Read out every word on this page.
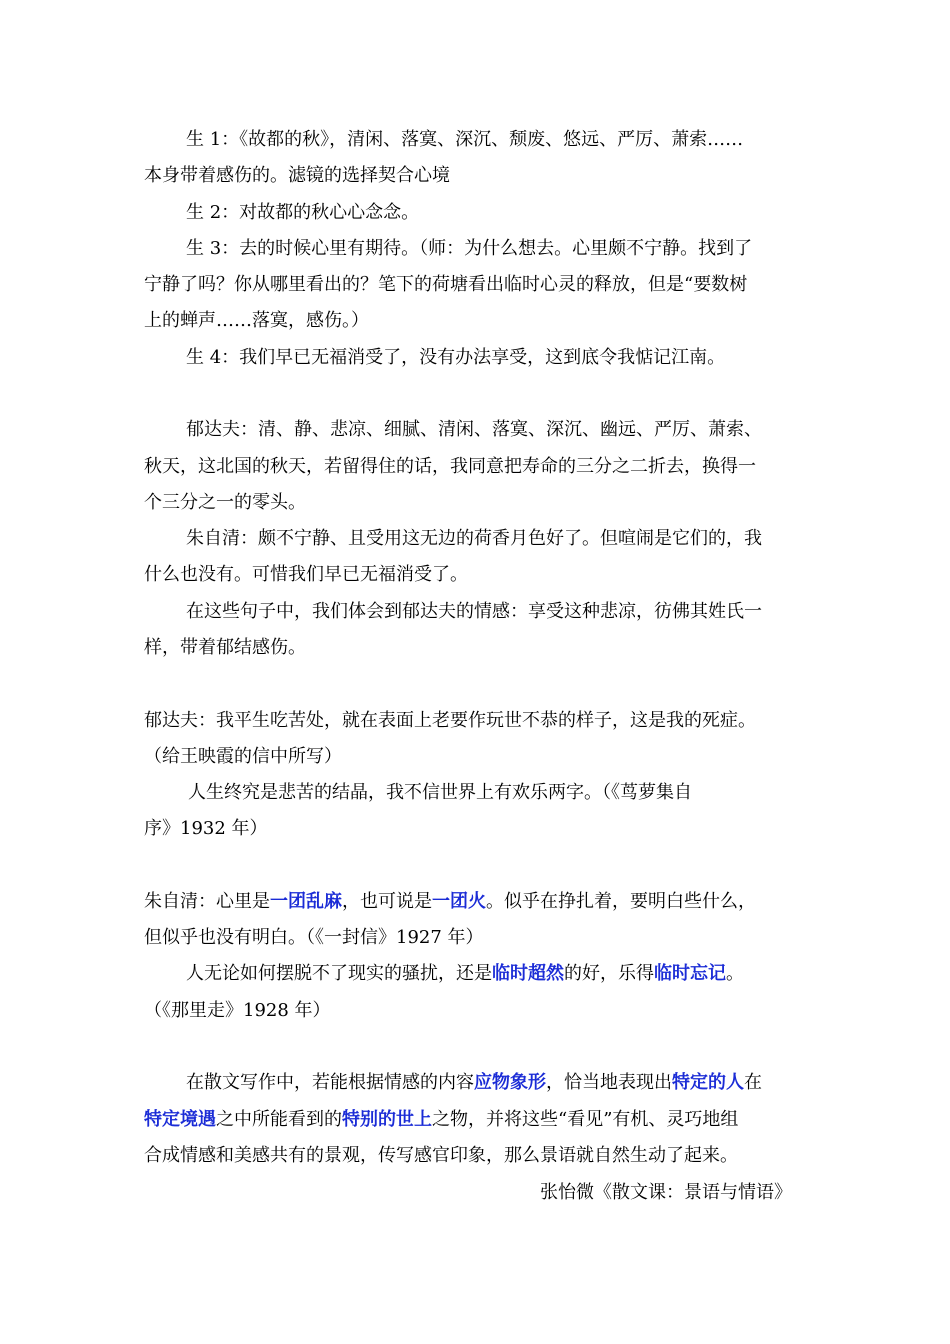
生 1：《故都的秋》，清闲、落寞、深沉、颓废、悠远、严厉、萧索……
本身带着感伤的。滤镜的选择契合心境
生 2：对故都的秋心心念念。
生 3：去的时候心里有期待。（师：为什么想去。心里颇不宁静。找到了
宁静了吗？你从哪里看出的？笔下的荷塘看出临时心灵的释放，但是“要数树
上的蝉声……落寞，感伤。）
生 4：我们早已无福消受了，没有办法享受，这到底令我惦记江南。
郁达夫：清、静、悲凉、细腻、清闲、落寞、深沉、幽远、严厉、萧索、
秋天，这北国的秋天，若留得住的话，我同意把寿命的三分之二折去，换得一
个三分之一的零头。
朱自清：颇不宁静、且受用这无边的荷香月色好了。但喧闹是它们的，我
什么也没有。可惜我们早已无福消受了。
在这些句子中，我们体会到郁达夫的情感：享受这种悲凉，彷佛其姓氏一
样，带着郁结感伤。
郁达夫：我平生吃苦处，就在表面上老要作玩世不恭的样子，这是我的死症。
（给王映霞的信中所写）
人生终究是悲苦的结晶，我不信世界上有欢乐两字。（《茑萝集自
序》1932 年）
朱自清：心里是一团乱麻，也可说是一团火。似乎在挣扎着，要明白些什么，
但似乎也没有明白。（《一封信》1927 年）
人无论如何摆脱不了现实的骚扰，还是临时超然的好，乐得临时忘记。
（《那里走》1928 年）
在散文写作中，若能根据情感的内容应物象形，恰当地表现出特定的人在
特定境遇之中所能看到的特别的世上之物，并将这些“看见”有机、灵巧地组
合成情感和美感共有的景观，传写感官印象，那么景语就自然生动了起来。
张怡微《散文课：景语与情语》
